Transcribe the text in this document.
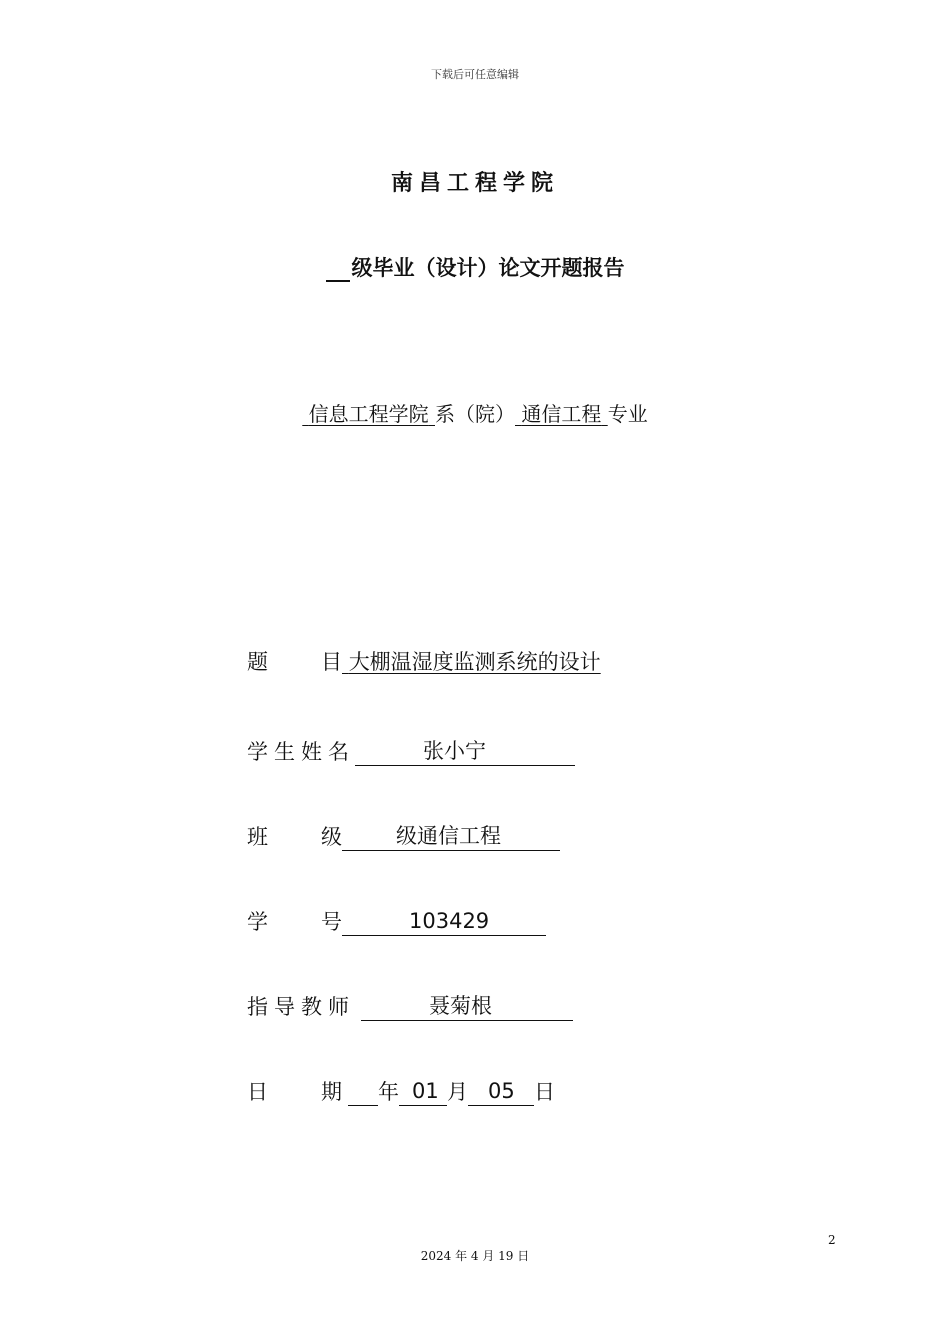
下载后可任意编辑
南昌工程学院
级毕业（设计）论文开题报告
信息工程学院 系（院） 通信工程 专业
题	目 大棚温湿度监测系统的设计
学生姓名	张小宁
班	级	级通信工程
学	号	103429
指导教师	聂菊根
日	期 年 01 月 05 日
2
2024 年 4 月 19 日
